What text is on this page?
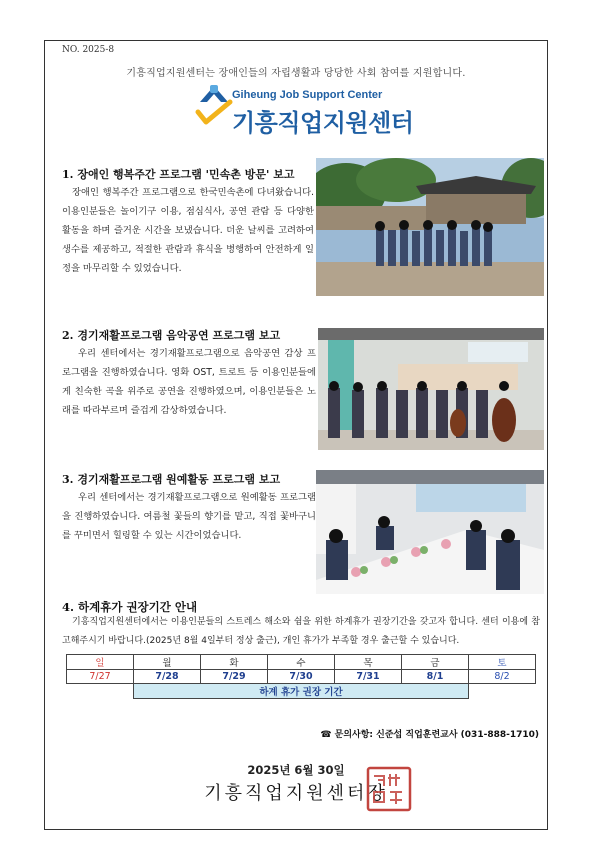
NO. 2025-8
기흥직업지원센터는 장애인들의 자립생활과 당당한 사회 참여를 지원합니다.
Giheung Job Support Center
기흥직업지원센터
1. 장애인 행복주간 프로그램 '민속촌 방문' 보고
장애인 행복주간 프로그램으로 한국민속촌에 다녀왔습니다. 이용인분들은 놀이기구 이용, 점심식사, 공연 관람 등 다양한 활동을 하며 즐거운 시간을 보냈습니다. 더운 날씨를 고려하여 생수를 제공하고, 적절한 관람과 휴식을 병행하여 안전하게 일정을 마무리할 수 있었습니다.
2. 경기재활프로그램 음악공연 프로그램 보고
우리 센터에서는 경기재활프로그램으로 음악공연 감상 프로그램을 진행하였습니다. 영화 OST, 트로트 등 이용인분들에게 친숙한 곡을 위주로 공연을 진행하였으며, 이용인분들은 노래를 따라부르며 즐겁게 감상하였습니다.
3. 경기재활프로그램 원예활동 프로그램 보고
우리 센터에서는 경기재활프로그램으로 원예활동 프로그램을 진행하였습니다. 여름철 꽃들의 향기를 맡고, 직접 꽃바구니를 꾸미면서 힐링할 수 있는 시간이었습니다.
4. 하계휴가 권장기간 안내
기흥직업지원센터에서는 이용인분들의 스트레스 해소와 쉼을 위한 하계휴가 권장기간을 갖고자 합니다. 센터 이용에 참고해주시기 바랍니다.(2025년 8월 4일부터 정상 출근), 개인 휴가가 부족할 경우 출근할 수 있습니다.
일	월	화	수	목	금	토
7/27	7/28	7/29	7/30	7/31	8/1	8/2
	하계 휴가 권장 기간					
☎ 문의사항: 신준섭 직업훈련교사 (031-888-1710)
2025년 6월 30일
기흥직업지원센터장
